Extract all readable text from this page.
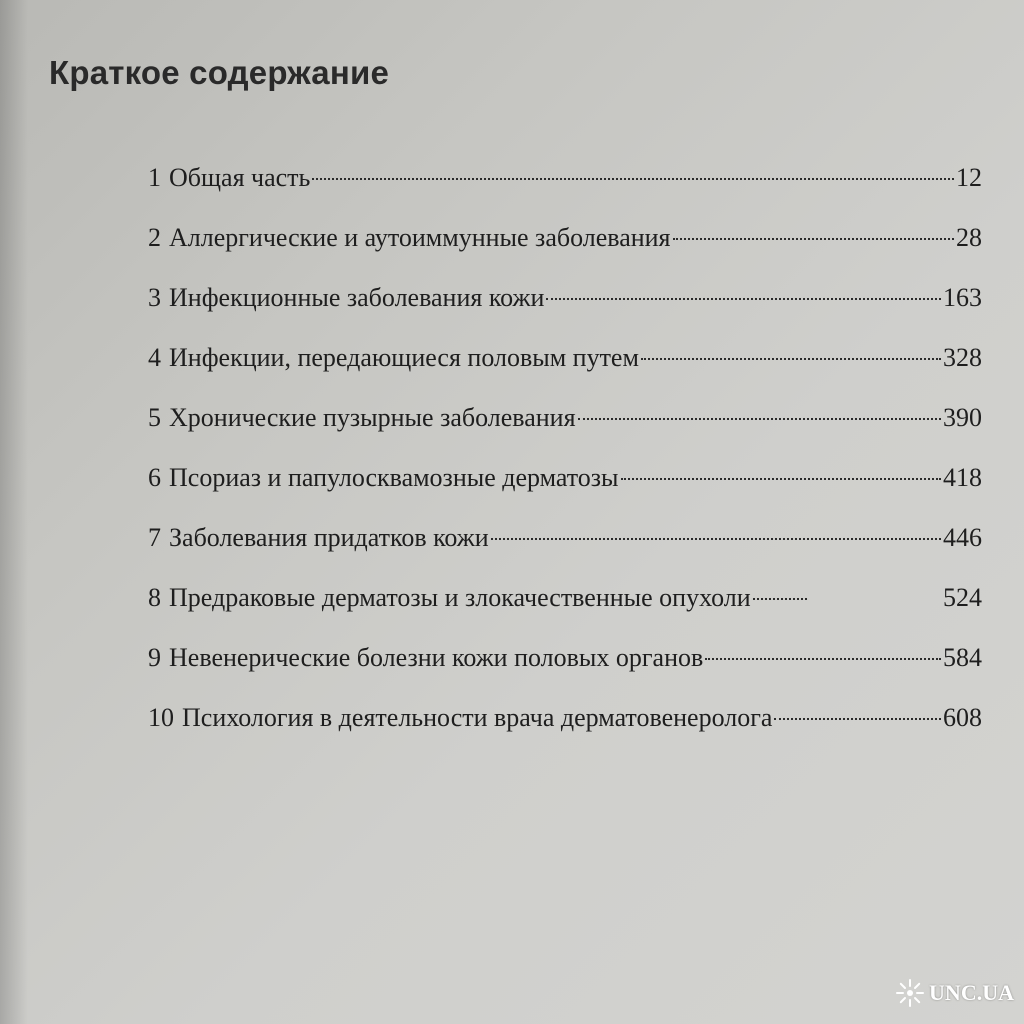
Краткое содержание
1 Общая часть	12
2 Аллергические и аутоиммунные заболевания	28
3 Инфекционные заболевания кожи	163
4 Инфекции, передающиеся половым путем	328
5 Хронические пузырные заболевания	390
6 Псориаз и папулосквамозные дерматозы	418
7 Заболевания придатков кожи	446
8 Предраковые дерматозы и злокачественные опухоли	524
9 Невенерические болезни кожи половых органов	584
10 Психология в деятельности врача дерматовенеролога	608
UNC.UA
